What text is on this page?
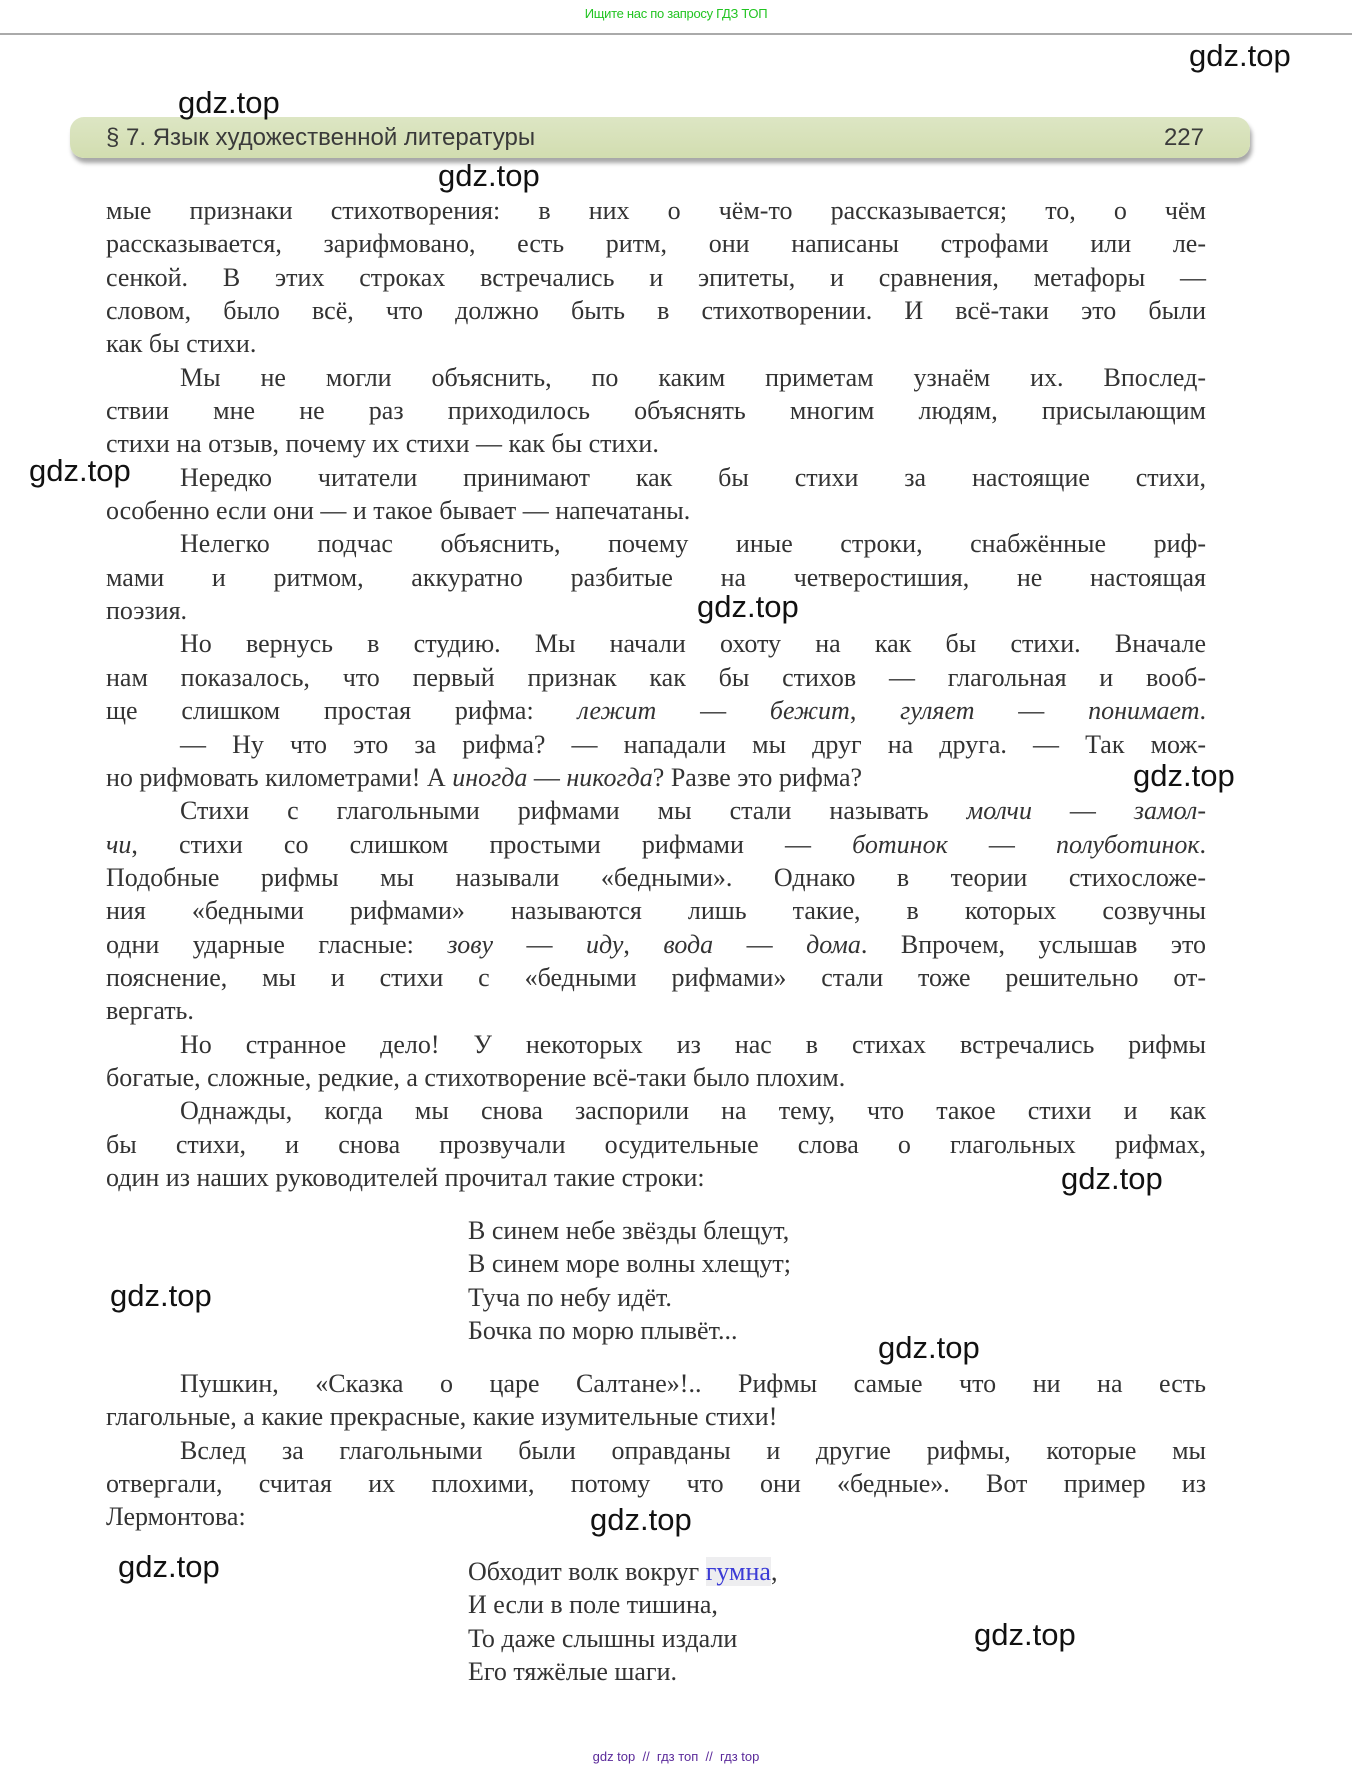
Ищите нас по запросу ГДЗ ТОП
§ 7. Язык художественной литературы	227
мые признаки стихотворения: в них о чём-то рассказывается; то, о чём
рассказывается, зарифмовано, есть ритм, они написаны строфами или ле-
сенкой. В этих строках встречались и эпитеты, и сравнения, метафоры —
словом, было всё, что должно быть в стихотворении. И всё-таки это были
как бы стихи.
Мы не могли объяснить, по каким приметам узнаём их. Впослед-
ствии мне не раз приходилось объяснять многим людям, присылающим
стихи на отзыв, почему их стихи — как бы стихи.
Нередко читатели принимают как бы стихи за настоящие стихи,
особенно если они — и такое бывает — напечатаны.
Нелегко подчас объяснить, почему иные строки, снабжённые риф-
мами и ритмом, аккуратно разбитые на четверостишия, не настоящая
поэзия.
Но вернусь в студию. Мы начали охоту на как бы стихи. Вначале
нам показалось, что первый признак как бы стихов — глагольная и вооб-
ще слишком простая рифма: лежит — бежит, гуляет — понимает.
— Ну что это за рифма? — нападали мы друг на друга. — Так мож-
но рифмовать километрами! А иногда — никогда? Разве это рифма?
Стихи с глагольными рифмами мы стали называть молчи — замол-
чи, стихи со слишком простыми рифмами — ботинок — полуботинок.
Подобные рифмы мы называли «бедными». Однако в теории стихосложе-
ния «бедными рифмами» называются лишь такие, в которых созвучны
одни ударные гласные: зову — иду, вода — дома. Впрочем, услышав это
пояснение, мы и стихи с «бедными рифмами» стали тоже решительно от-
вергать.
Но странное дело! У некоторых из нас в стихах встречались рифмы
богатые, сложные, редкие, а стихотворение всё-таки было плохим.
Однажды, когда мы снова заспорили на тему, что такое стихи и как
бы стихи, и снова прозвучали осудительные слова о глагольных рифмах,
один из наших руководителей прочитал такие строки:
В синем небе звёзды блещут,
В синем море волны хлещут;
Туча по небу идёт.
Бочка по морю плывёт...
Пушкин, «Сказка о царе Салтане»!.. Рифмы самые что ни на есть
глагольные, а какие прекрасные, какие изумительные стихи!
Вслед за глагольными были оправданы и другие рифмы, которые мы
отвергали, считая их плохими, потому что они «бедные». Вот пример из
Лермонтова:
Обходит волк вокруг гумна,
И если в поле тишина,
То даже слышны издали
Его тяжёлые шаги.
gdz.top
gdz.top
gdz.top
gdz.top
gdz.top
gdz.top
gdz.top
gdz.top
gdz.top
gdz.top
gdz.top
gdz.top
gdz top  //  гдз топ  //  гдз top
